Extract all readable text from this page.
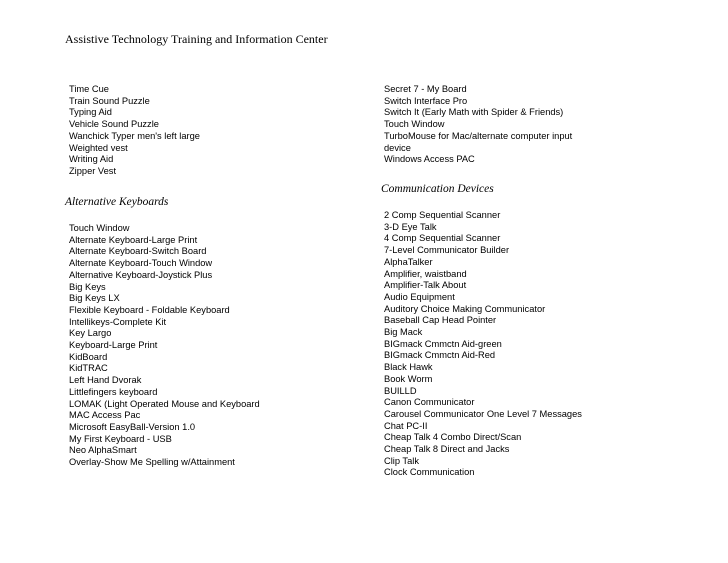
Assistive Technology Training and Information Center
Time Cue
Train Sound Puzzle
Typing Aid
Vehicle Sound Puzzle
Wanchick Typer men's left large
Weighted vest
Writing Aid
Zipper Vest
Alternative Keyboards
Touch Window
Alternate Keyboard-Large Print
Alternate Keyboard-Switch Board
Alternate Keyboard-Touch Window
Alternative Keyboard-Joystick Plus
Big Keys
Big Keys LX
Flexible Keyboard - Foldable Keyboard
Intellikeys-Complete Kit
Key Largo
Keyboard-Large Print
KidBoard
KidTRAC
Left Hand Dvorak
Littlefingers keyboard
LOMAK (Light Operated Mouse and Keyboard
MAC Access Pac
Microsoft EasyBall-Version 1.0
My First Keyboard - USB
Neo AlphaSmart
Overlay-Show Me Spelling w/Attainment
Secret 7 - My Board
Switch Interface Pro
Switch It (Early Math with Spider & Friends)
Touch Window
TurboMouse for Mac/alternate computer input device
Windows Access PAC
Communication Devices
2 Comp Sequential Scanner
3-D Eye Talk
4 Comp Sequential Scanner
7-Level Communicator Builder
AlphaTalker
Amplifier, waistband
Amplifier-Talk About
Audio Equipment
Auditory Choice Making Communicator
Baseball Cap Head Pointer
Big Mack
BIGmack Cmmctn Aid-green
BIGmack Cmmctn Aid-Red
Black Hawk
Book Worm
BUILLD
Canon Communicator
Carousel Communicator One Level 7 Messages
Chat PC-II
Cheap Talk 4 Combo Direct/Scan
Cheap Talk 8 Direct and Jacks
Clip Talk
Clock Communication
